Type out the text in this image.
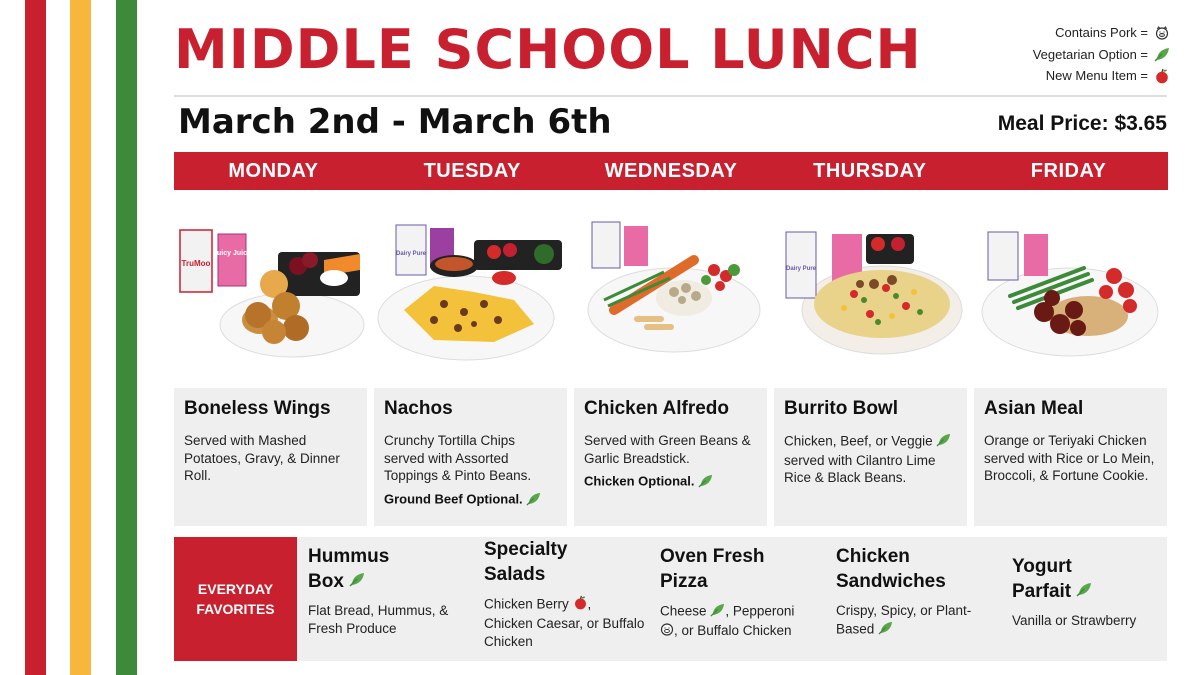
MIDDLE SCHOOL LUNCH	Contains Pork =
Vegetarian Option =
New Menu Item =
March 2nd - March 6th	Meal Price: $3.65
MONDAY	TUESDAY	WEDNESDAY	THURSDAY	FRIDAY
TruMoo
Juicy Juice	Dairy Pure
Dairy Pure
Boneless Wings
Served with Mashed Potatoes, Gravy, & Dinner Roll.
Nachos
Crunchy Tortilla Chips served with Assorted Toppings & Pinto Beans.
Ground Beef Optional.
Chicken Alfredo
Served with Green Beans & Garlic Breadstick.
Chicken Optional.
Burrito Bowl
Chicken, Beef, or Veggie
served with Cilantro Lime Rice & Black Beans.
Asian Meal
Orange or Teriyaki Chicken served with Rice or Lo Mein, Broccoli, & Fortune Cookie.
EVERYDAY FAVORITES
Hummus
Box
Flat Bread, Hummus, & Fresh Produce
Specialty
Salads
Chicken Berry ,
Chicken Caesar, or Buffalo Chicken
Oven Fresh
Pizza
Cheese , Pepperoni
, or Buffalo Chicken
Chicken
Sandwiches
Crispy, Spicy, or Plant-Based
Yogurt
Parfait
Vanilla or Strawberry
